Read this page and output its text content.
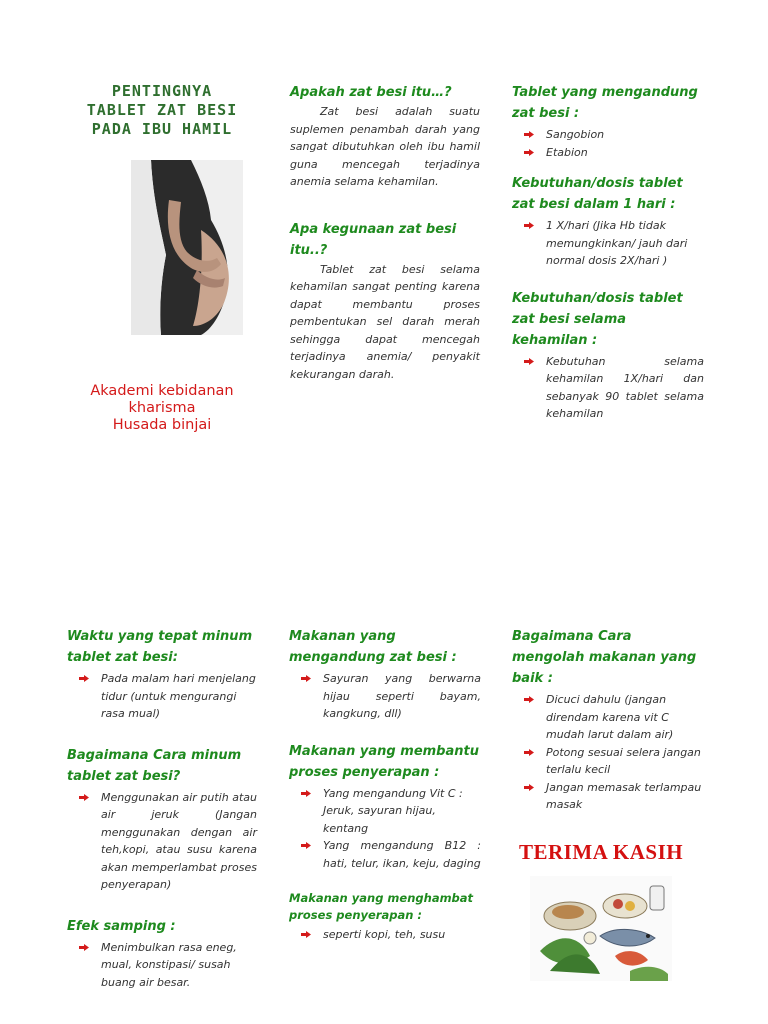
PENTINGNYA
TABLET ZAT BESI
PADA IBU HAMIL
Akademi kebidanan
kharisma
Husada binjai

Apakah zat besi itu…?

Zat besi adalah suatu suplemen penambah darah yang sangat dibutuhkan oleh ibu hamil guna mencegah terjadinya anemia selama kehamilan.

Apa kegunaan zat besi itu..?

Tablet zat besi selama kehamilan sangat penting karena dapat membantu proses pembentukan sel darah merah sehingga dapat mencegah terjadinya anemia/ penyakit kekurangan darah.

Tablet yang mengandung zat besi :

Sangobion
Etabion

Kebutuhan/dosis tablet zat besi dalam 1 hari :

1 X/hari (Jika Hb tidak memungkinkan/ jauh dari normal dosis 2X/hari )

Kebutuhan/dosis tablet zat besi selama kehamilan :

Kebutuhan selama kehamilan 1X/hari dan sebanyak 90 tablet selama kehamilan

Waktu yang tepat minum tablet zat besi:

Pada malam hari menjelang tidur (untuk mengurangi rasa mual)

Bagaimana Cara minum tablet zat besi?

Menggunakan air putih atau air jeruk (Jangan menggunakan dengan air teh,kopi, atau susu karena akan memperlambat proses penyerapan)

Efek samping :

Menimbulkan rasa eneg, mual, konstipasi/ susah buang air besar.

Makanan yang mengandung zat besi :

Sayuran yang berwarna hijau seperti bayam, kangkung, dll)

Makanan yang membantu proses penyerapan :

Yang mengandung Vit C : Jeruk, sayuran hijau, kentang
Yang mengandung B12 : hati, telur, ikan, keju, daging

Makanan yang menghambat proses penyerapan :

seperti kopi, teh, susu

Bagaimana Cara mengolah makanan yang baik :

Dicuci dahulu (jangan direndam karena vit C mudah larut dalam air)
Potong sesuai selera jangan terlalu kecil
Jangan memasak terlampau masak
TERIMA KASIH
